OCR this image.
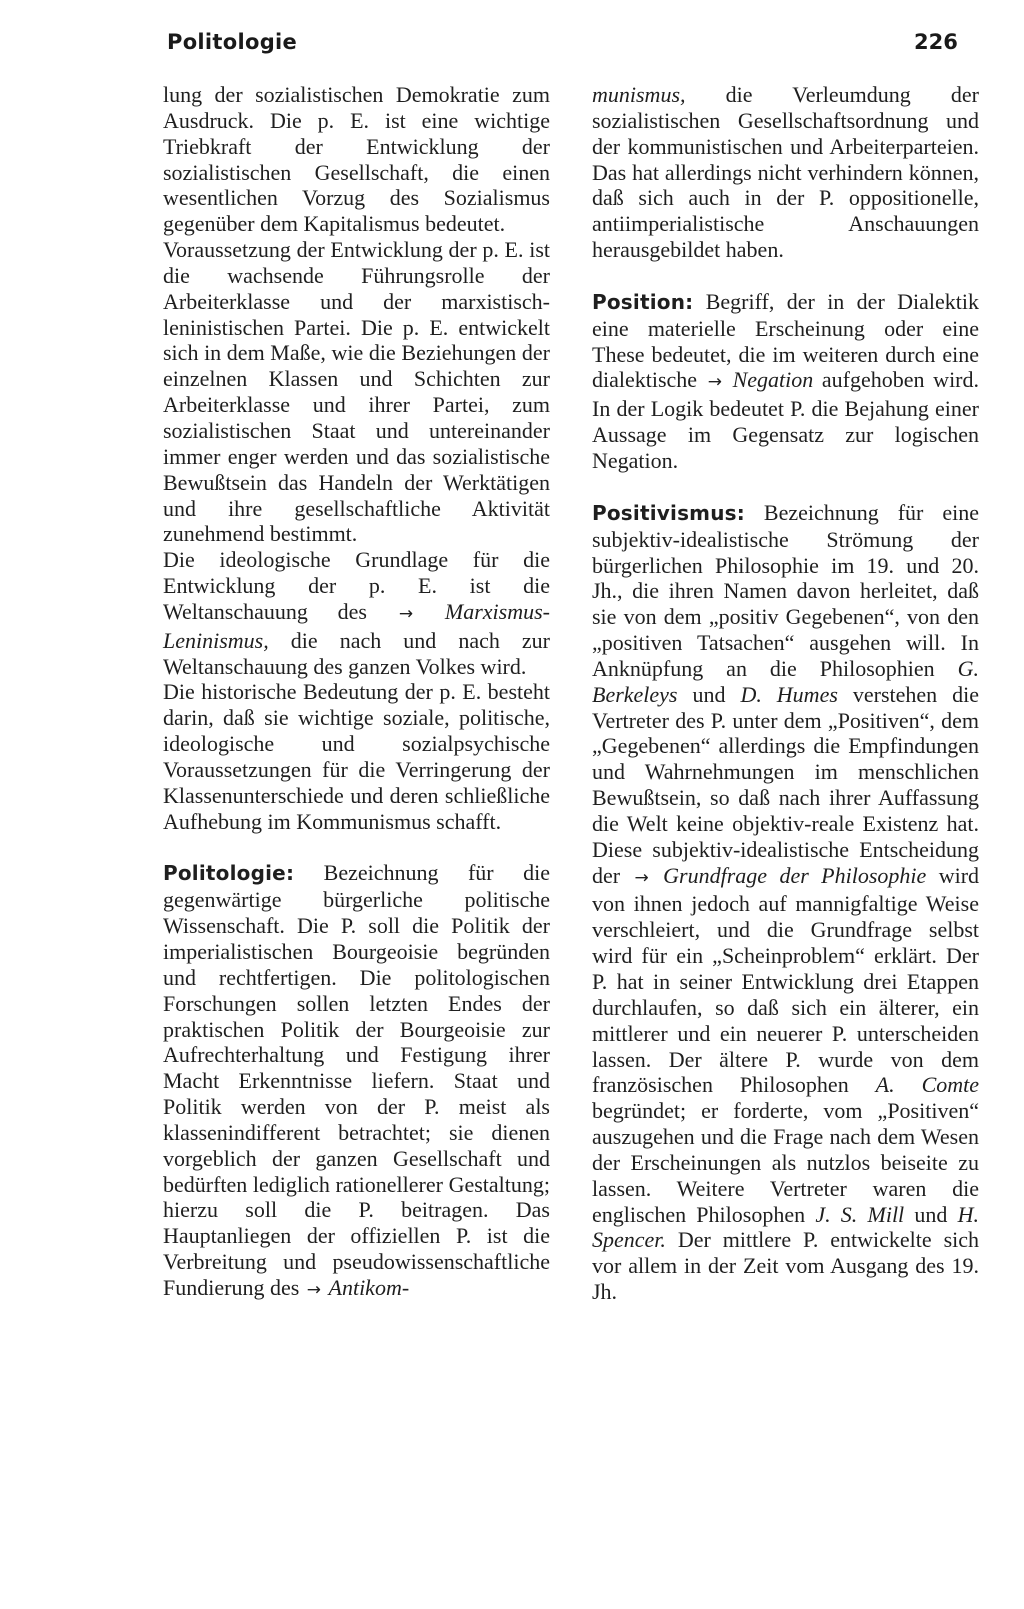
Politologie	226

lung der sozialistischen Demokratie zum Ausdruck. Die p. E. ist eine wichtige Triebkraft der Entwicklung der sozialistischen Gesellschaft, die einen wesentlichen Vorzug des Sozialismus gegenüber dem Kapitalismus bedeutet.

Voraussetzung der Entwicklung der p. E. ist die wachsende Führungsrolle der Arbeiterklasse und der marxistisch-leninistischen Partei. Die p. E. entwickelt sich in dem Maße, wie die Beziehungen der einzelnen Klassen und Schichten zur Arbeiterklasse und ihrer Partei, zum sozialistischen Staat und untereinander immer enger werden und das sozialistische Bewußtsein das Handeln der Werktätigen und ihre gesellschaftliche Aktivität zunehmend bestimmt.

Die ideologische Grundlage für die Entwicklung der p. E. ist die Weltanschauung des → Marxismus-Leninismus, die nach und nach zur Weltanschauung des ganzen Volkes wird.

Die historische Bedeutung der p. E. besteht darin, daß sie wichtige soziale, politische, ideologische und sozialpsychische Voraussetzungen für die Verringerung der Klassenunterschiede und deren schließliche Aufhebung im Kommunismus schafft.

Politologie: Bezeichnung für die gegenwärtige bürgerliche politische Wissenschaft. Die P. soll die Politik der imperialistischen Bourgeoisie begründen und rechtfertigen. Die politologischen Forschungen sollen letzten Endes der praktischen Politik der Bourgeoisie zur Aufrechterhaltung und Festigung ihrer Macht Erkenntnisse liefern. Staat und Politik werden von der P. meist als klassenindifferent betrachtet; sie dienen vorgeblich der ganzen Gesellschaft und bedürften lediglich rationellerer Gestaltung; hierzu soll die P. beitragen. Das Hauptanliegen der offiziellen P. ist die Verbreitung und pseudowissenschaftliche Fundierung des → Antikom-

munismus, die Verleumdung der sozialistischen Gesellschaftsordnung und der kommunistischen und Arbeiterparteien. Das hat allerdings nicht verhindern können, daß sich auch in der P. oppositionelle, antiimperialistische Anschauungen herausgebildet haben.

Position: Begriff, der in der Dialektik eine materielle Erscheinung oder eine These bedeutet, die im weiteren durch eine dialektische → Negation aufgehoben wird. In der Logik bedeutet P. die Bejahung einer Aussage im Gegensatz zur logischen Negation.

Positivismus: Bezeichnung für eine subjektiv-idealistische Strömung der bürgerlichen Philosophie im 19. und 20. Jh., die ihren Namen davon herleitet, daß sie von dem „positiv Gegebenen“, von den „positiven Tatsachen“ ausgehen will. In Anknüpfung an die Philosophien G. Berkeleys und D. Humes verstehen die Vertreter des P. unter dem „Positiven“, dem „Gegebenen“ allerdings die Empfindungen und Wahrnehmungen im menschlichen Bewußtsein, so daß nach ihrer Auffassung die Welt keine objektiv-reale Existenz hat. Diese subjektiv-idealistische Entscheidung der → Grundfrage der Philosophie wird von ihnen jedoch auf mannigfaltige Weise verschleiert, und die Grundfrage selbst wird für ein „Scheinproblem“ erklärt. Der P. hat in seiner Entwicklung drei Etappen durchlaufen, so daß sich ein älterer, ein mittlerer und ein neuerer P. unterscheiden lassen. Der ältere P. wurde von dem französischen Philosophen A. Comte begründet; er forderte, vom „Positiven“ auszugehen und die Frage nach dem Wesen der Erscheinungen als nutzlos beiseite zu lassen. Weitere Vertreter waren die englischen Philosophen J. S. Mill und H. Spencer. Der mittlere P. entwickelte sich vor allem in der Zeit vom Ausgang des 19. Jh.
